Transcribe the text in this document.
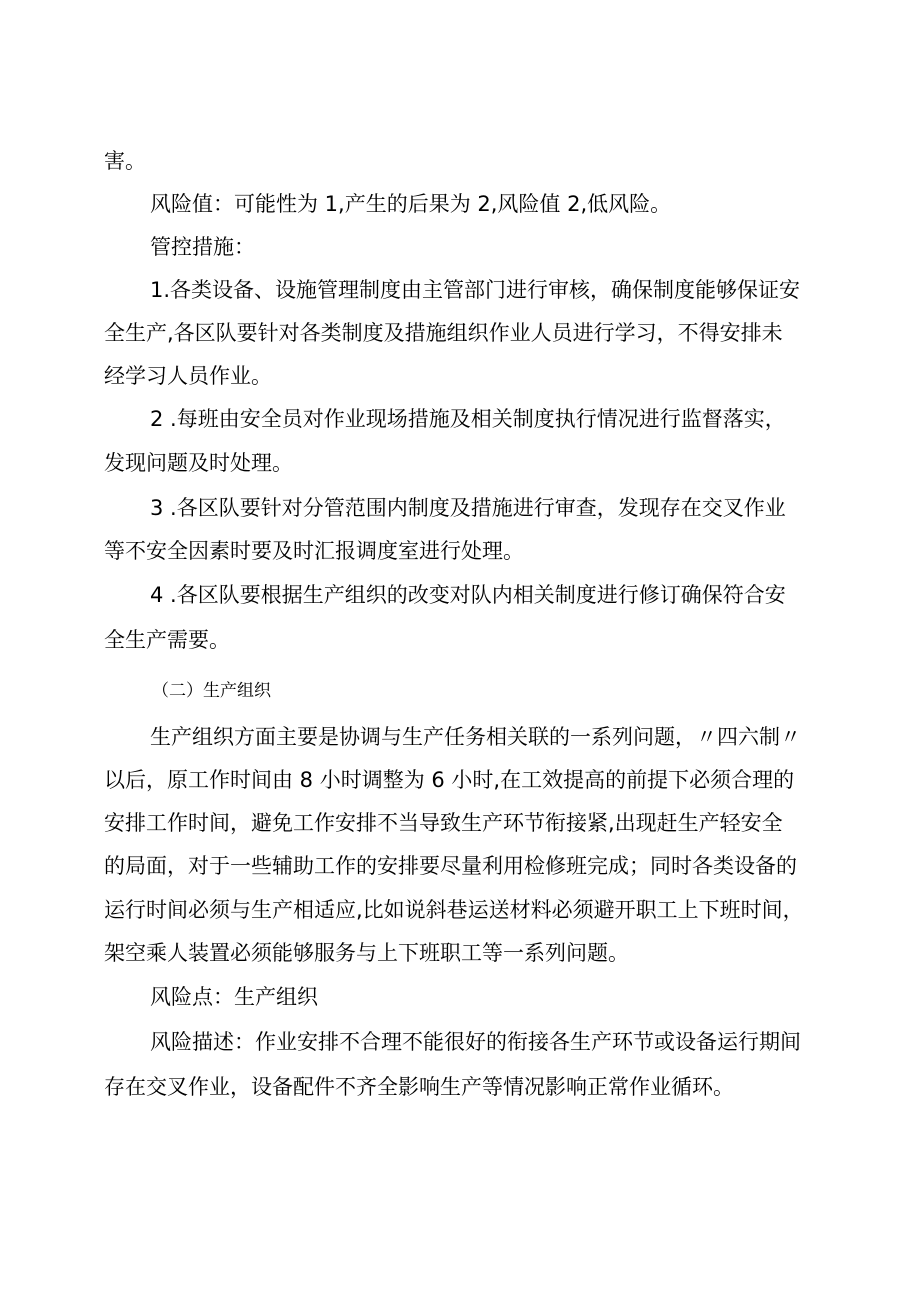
害。
风险值：可能性为 1,产生的后果为 2,风险值 2,低风险。
管控措施：
1.各类设备、设施管理制度由主管部门进行审核，确保制度能够保证安
全生产,各区队要针对各类制度及措施组织作业人员进行学习，不得安排未
经学习人员作业。
2 .每班由安全员对作业现场措施及相关制度执行情况进行监督落实，
发现问题及时处理。
3 .各区队要针对分管范围内制度及措施进行审查，发现存在交叉作业
等不安全因素时要及时汇报调度室进行处理。
4 .各区队要根据生产组织的改变对队内相关制度进行修订确保符合安
全生产需要。
（二）生产组织
生产组织方面主要是协调与生产任务相关联的一系列问题，〃四六制〃
以后，原工作时间由 8 小时调整为 6 小时,在工效提高的前提下必须合理的
安排工作时间，避免工作安排不当导致生产环节衔接紧,出现赶生产轻安全
的局面，对于一些辅助工作的安排要尽量利用检修班完成；同时各类设备的
运行时间必须与生产相适应,比如说斜巷运送材料必须避开职工上下班时间，
架空乘人装置必须能够服务与上下班职工等一系列问题。
风险点：生产组织
风险描述：作业安排不合理不能很好的衔接各生产环节或设备运行期间
存在交叉作业，设备配件不齐全影响生产等情况影响正常作业循环。
